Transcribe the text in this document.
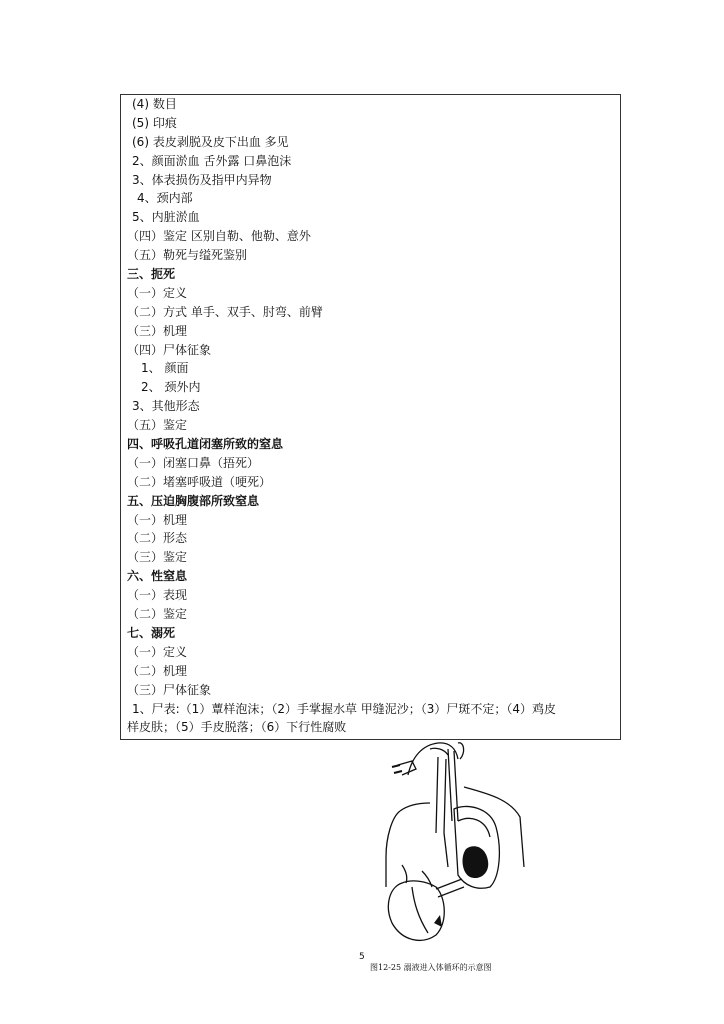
(4) 数目
(5) 印痕
(6) 表皮剥脱及皮下出血 多见
2、颜面淤血 舌外露 口鼻泡沫
3、体表损伤及指甲内异物
4、颈内部
5、内脏淤血
（四）鉴定 区别自勒、他勒、意外
（五）勒死与缢死鉴别
三、扼死
（一）定义
（二）方式 单手、双手、肘弯、前臂
（三）机理
（四）尸体征象
1、 颜面
2、 颈外内
3、其他形态
（五）鉴定
四、呼吸孔道闭塞所致的窒息
（一）闭塞口鼻（捂死）
（二）堵塞呼吸道（哽死）
五、压迫胸腹部所致窒息
（一）机理
（二）形态
（三）鉴定
六、性窒息
（一）表现
（二）鉴定
七、溺死
（一）定义
（二）机理
（三）尸体征象
1、尸表:（1）蕈样泡沫；（2）手掌握水草 甲缝泥沙；（3）尸斑不定；（4）鸡皮
样皮肤；（5）手皮脱落；（6）下行性腐败
5
图12-25 溺液进入体循环的示意图
